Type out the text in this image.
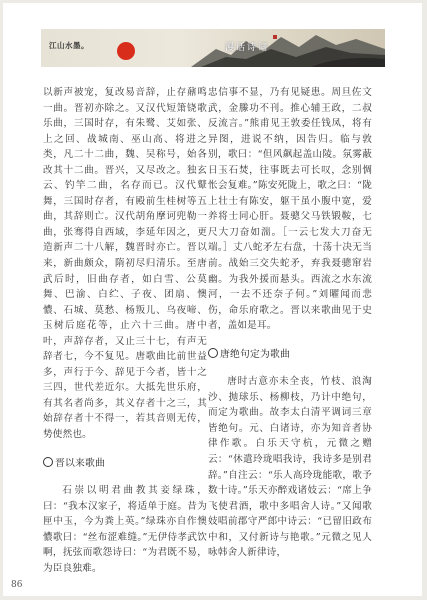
江山水墨。	漫话诗词

以新声被宠，复改易音辞，止存鼐鸣一曲。晋初亦除之。又汉代短箫铙歌乐曲，三国时存，有朱鹭、艾如张、上之回、战城南、巫山高、将进之类，凡二十二曲，魏、吴称号，始各改其十二曲。晋兴，又尽改之。独玄云、钓竿二曲，名存而已。汉代鼙舞，三国时存者，有殿前生桂树等五曲，其辞则亡。汉代胡角摩诃兜勒一曲，张骞得自西域，李延年因之，更造新声二十八解，魏晋时亦亡。晋以来，新曲颇众，隋初尽归清乐。至唐武后时，旧曲存者，如白雪、公莫舞、巴渝、白纻、子夜、团扇、懊憹、石城、莫愁、杨叛儿、乌夜啼、玉树后庭花等，止六十三曲。唐中叶，声辞存者，又止三十七，有声无辞者七，今不复见。唐歌曲比前世益多，声行于今、辞见于今者，皆十之三四，世代差近尔。大抵先世乐府，有其名者尚多，其义存者十之三，其始辞存者十不得一，若其音则无传，势使然也。

晋以来歌曲

石崇以明君曲教其妾绿珠，曰：“我本汉家子，将适单于庭。昔为匣中玉，今为粪上英。”绿珠亦自作懊憹歌曰：“丝布涩难缝。”无伊侍孝武饮啊，抚弦而歌怨诗曰：“为君既不易，为臣良独难。

忠信事不显，乃有见疑患。周旦佐文武，金縢功不刊。推心辅王政，二叔反流言。”熊甫见王敦委任钱凤，将有异图，进说不纳，因告归。临与敦别，歌曰：“但风飙起盖山陵。氛雾蔽日玉石焚，往事既去可长叹，念别惆怅会复难。”陈安死陇上，歌之曰：“陇上壮士有陈安，躯干虽小腹中宽，爱养将士同心肝。聂骢父马铁锻鞍，七尺大刀奋如湍。［一云七发大刀奋无端。］丈八蛇矛左右盘，十荡十决无当前。战始三交失蛇矛，弃我聂骢窜岩幽。为我外援而悬头。西流之水东流河，一去不还奈子何。”刘曜闻而悲伤，命乐府歌之。晋以来歌曲见于史者，盖如是耳。

唐绝句定为歌曲

唐时古意亦未全丧，竹枝、浪淘沙、抛球乐、杨柳枝，乃计中绝句，而定为歌曲。故李太白清平调词三章皆绝句。元、白诸诗，亦为知音者协律作歌。白乐天守杭，元微之赠云：“休遣玲珑唱我诗，我诗多是别君辞。”自注云：“乐人高玲珑能歌，歌予数十诗。”乐天亦醉戏诸妓云：“席上争飞使君酒，歌中多唱舍人诗。”又闻歌妓唱前郡守严郎中诗云：“已留旧政布中和，又付新诗与艳歌。”元微之见人咏韩舍人新律诗，

86
